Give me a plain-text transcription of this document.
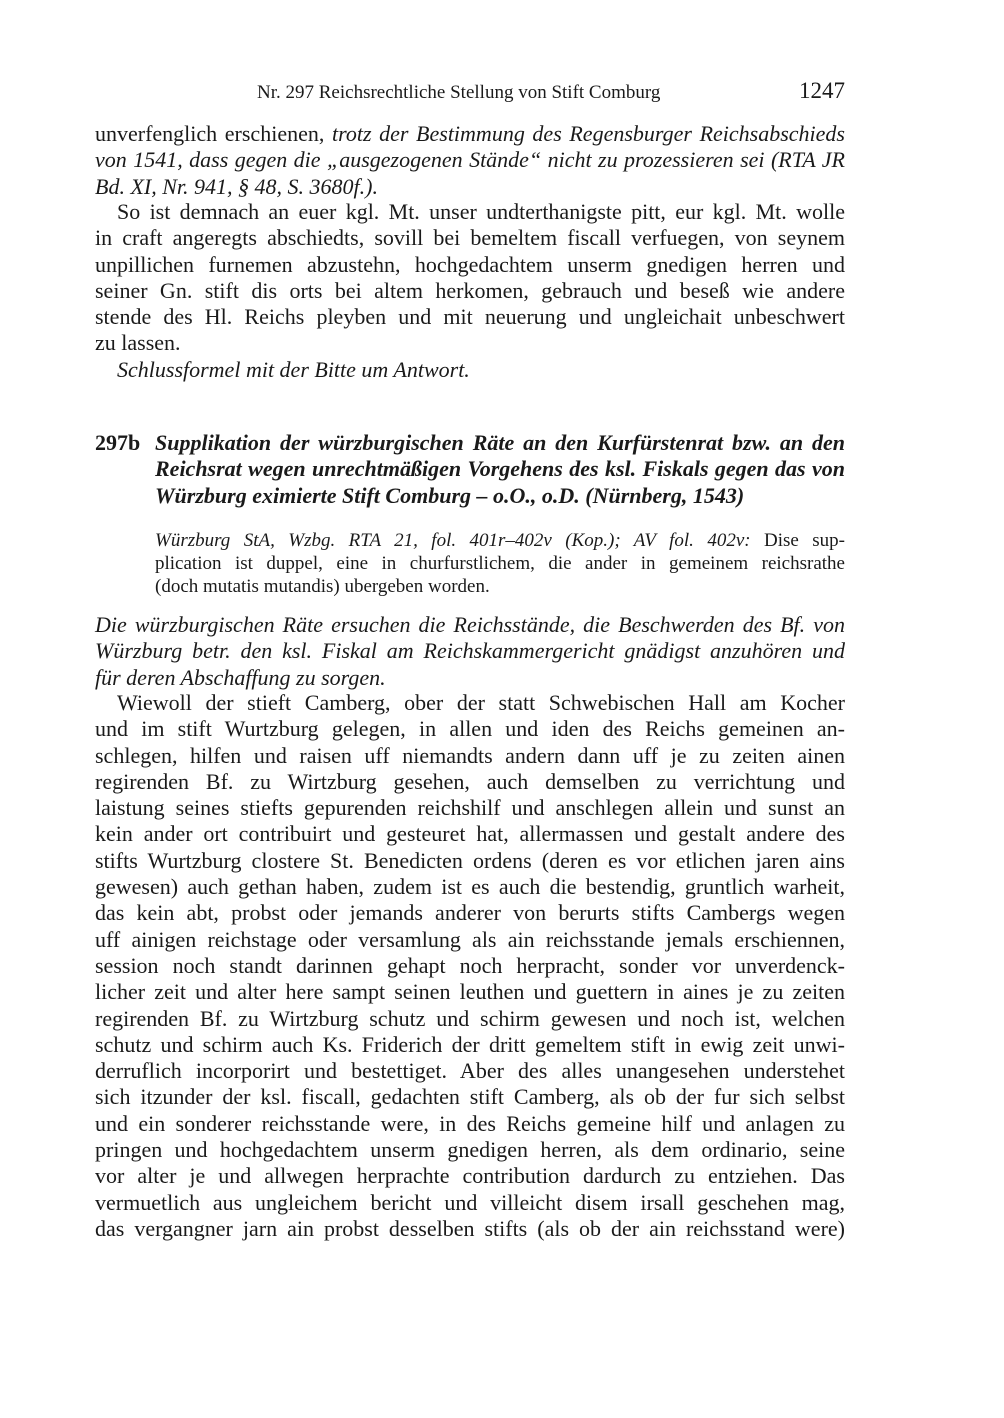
Nr. 297 Reichsrechtliche Stellung von Stift Comburg	1247
unverfenglich erschienen, trotz der Bestimmung des Regensburger Reichsabschieds
von 1541, dass gegen die „ausgezogenen Stände“ nicht zu prozessieren sei (RTA JR
Bd. XI, Nr. 941, § 48, S. 3680f.).
So ist demnach an euer kgl. Mt. unser undterthanigste pitt, eur kgl. Mt. wolle
in craft angeregts abschiedts, sovill bei bemeltem fiscall verfuegen, von seynem
unpillichen furnemen abzustehn, hochgedachtem unserm gnedigen herren und
seiner Gn. stift dis orts bei altem herkomen, gebrauch und beseß wie andere
stende des Hl. Reichs pleyben und mit neuerung und ungleichait unbeschwert
zu lassen.
Schlussformel mit der Bitte um Antwort.
297b Supplikation der würzburgischen Räte an den Kurfürstenrat bzw. an den
Reichsrat wegen unrechtmäßigen Vorgehens des ksl. Fiskals gegen das von
Würzburg eximierte Stift Comburg – o.O., o.D. (Nürnberg, 1543)
Würzburg StA, Wzbg. RTA 21, fol. 401r–402v (Kop.); AV fol. 402v: Dise sup-
plication ist duppel, eine in churfurstlichem, die ander in gemeinem reichsrathe
(doch mutatis mutandis) ubergeben worden.
Die würzburgischen Räte ersuchen die Reichsstände, die Beschwerden des Bf. von
Würzburg betr. den ksl. Fiskal am Reichskammergericht gnädigst anzuhören und
für deren Abschaffung zu sorgen.
Wiewoll der stieft Camberg, ober der statt Schwebischen Hall am Kocher
und im stift Wurtzburg gelegen, in allen und iden des Reichs gemeinen an-
schlegen, hilfen und raisen uff niemandts andern dann uff je zu zeiten ainen
regirenden Bf. zu Wirtzburg gesehen, auch demselben zu verrichtung und
laistung seines stiefts gepurenden reichshilf und anschlegen allein und sunst an
kein ander ort contribuirt und gesteuret hat, allermassen und gestalt andere des
stifts Wurtzburg clostere St. Benedicten ordens (deren es vor etlichen jaren ains
gewesen) auch gethan haben, zudem ist es auch die bestendig, gruntlich warheit,
das kein abt, probst oder jemands anderer von berurts stifts Cambergs wegen
uff ainigen reichstage oder versamlung als ain reichsstande jemals erschiennen,
session noch standt darinnen gehapt noch herpracht, sonder vor unverdenck-
licher zeit und alter here sampt seinen leuthen und guettern in aines je zu zeiten
regirenden Bf. zu Wirtzburg schutz und schirm gewesen und noch ist, welchen
schutz und schirm auch Ks. Friderich der dritt gemeltem stift in ewig zeit unwi-
derruflich incorporirt und bestettiget. Aber des alles unangesehen understehet
sich itzunder der ksl. fiscall, gedachten stift Camberg, als ob der fur sich selbst
und ein sonderer reichsstande were, in des Reichs gemeine hilf und anlagen zu
pringen und hochgedachtem unserm gnedigen herren, als dem ordinario, seine
vor alter je und allwegen herprachte contribution dardurch zu entziehen. Das
vermuetlich aus ungleichem bericht und villeicht disem irsall geschehen mag,
das vergangner jarn ain probst desselben stifts (als ob der ain reichsstand were)
